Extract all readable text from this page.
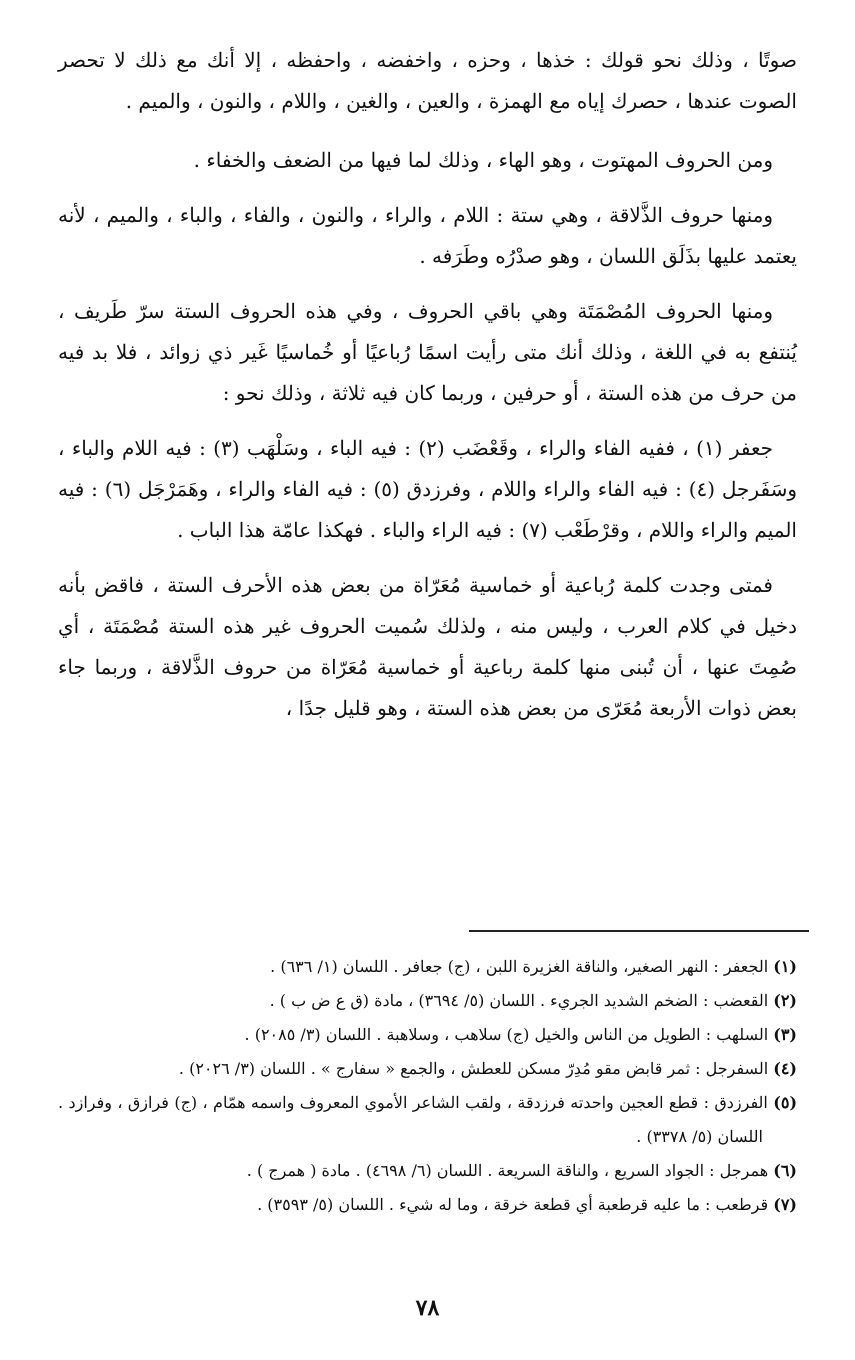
صوتًا ، وذلك نحو قولك : خذها ، وحزه ، واخفضه ، واحفظه ، إلا أنك مع ذلك لا تحصر الصوت عندها ، حصرك إياه مع الهمزة ، والعين ، والغين ، واللام ، والنون ، والميم .

ومن الحروف المهتوت ، وهو الهاء ، وذلك لما فيها من الضعف والخفاء .

ومنها حروف الذَّلاقة ، وهي ستة : اللام ، والراء ، والنون ، والفاء ، والباء ، والميم ، لأنه يعتمد عليها بذَلَق اللسان ، وهو صدْرُه وطَرَفه .

ومنها الحروف المُصْمَتَة وهي باقي الحروف ، وفي هذه الحروف الستة سرّ طَريف ، يُنتفع به في اللغة ، وذلك أنك متى رأيت اسمًا رُباعيًا أو خُماسيًا غَير ذي زوائد ، فلا بد فيه من حرف من هذه الستة ، أو حرفين ، وربما كان فيه ثلاثة ، وذلك نحو :

جعفر (١) ، ففيه الفاء والراء ، وقَعْضَب (٢) : فيه الباء ، وسَلْهَب (٣) : فيه اللام والباء ، وسَفَرجل (٤) : فيه الفاء والراء واللام ، وفرزدق (٥) : فيه الفاء والراء ، وهَمَرْجَل (٦) : فيه الميم والراء واللام ، وقرْطَعْب (٧) : فيه الراء والباء . فهكذا عامّة هذا الباب .

فمتى وجدت كلمة رُباعية أو خماسية مُعَرّاة من بعض هذه الأحرف الستة ، فاقض بأنه دخيل في كلام العرب ، وليس منه ، ولذلك سُميت الحروف غير هذه الستة مُصْمَتَة ، أي صُمِتَ عنها ، أن تُبنى منها كلمة رباعية أو خماسية مُعَرّاة من حروف الذَّلاقة ، وربما جاء بعض ذوات الأربعة مُعَرّى من بعض هذه الستة ، وهو قليل جدًا ،

(١) الجعفر : النهر الصغير، والناقة الغزيرة اللبن ، (ج) جعافر . اللسان (١/ ٦٣٦) .

(٢) القعضب : الضخم الشديد الجريء . اللسان (٥/ ٣٦٩٤) ، مادة (ق ع ض ب ) .

(٣) السلهب : الطويل من الناس والخيل (ج) سلاهب ، وسلاهبة . اللسان (٣/ ٢٠٨٥) .

(٤) السفرجل : ثمر قابض مقو مُدِرّ مسكن للعطش ، والجمع « سفارج » . اللسان (٣/ ٢٠٢٦) .

(٥) الفرزدق : قطع العجين واحدته فرزدقة ، ولقب الشاعر الأموي المعروف واسمه همّام ، (ج) فرازق ، وفرازد . اللسان (٥/ ٣٣٧٨) .

(٦) همرجل : الجواد السريع ، والناقة السريعة . اللسان (٦/ ٤٦٩٨) . مادة ( همرج ) .

(٧) قرطعب : ما عليه قرطعبة أي قطعة خرقة ، وما له شيء . اللسان (٥/ ٣٥٩٣) .

٧٨
